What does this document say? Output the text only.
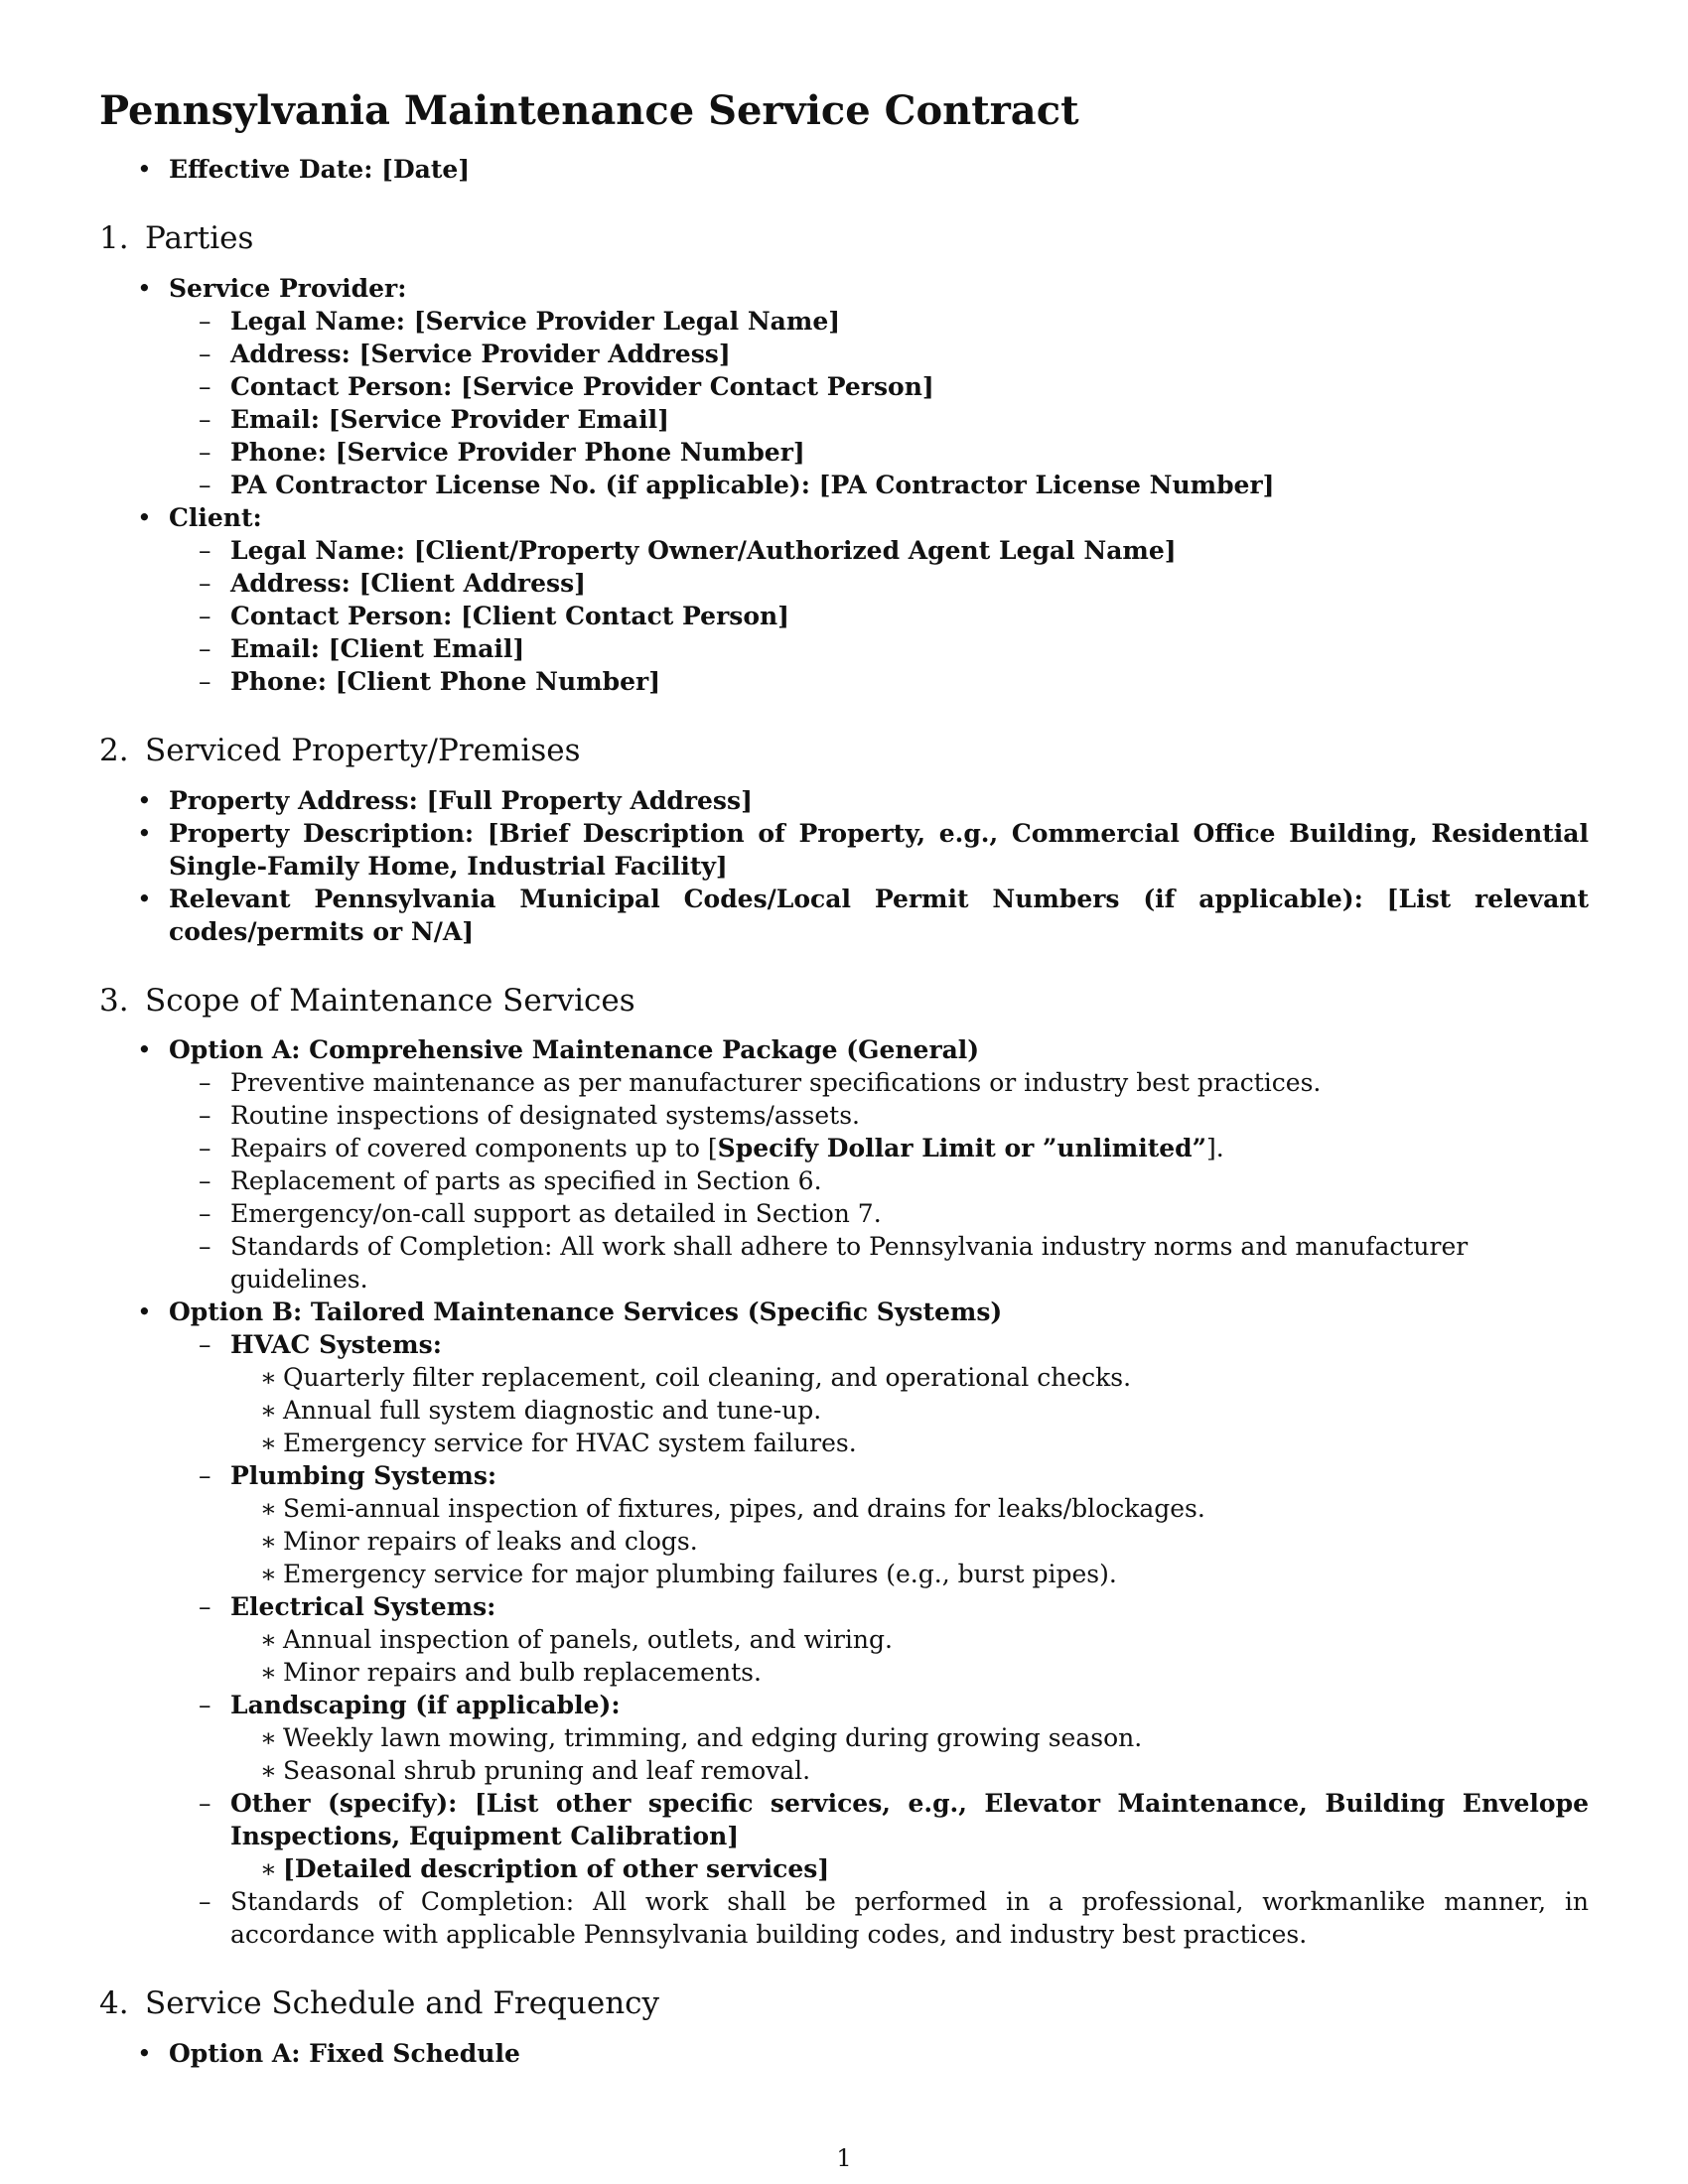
Pennsylvania Maintenance Service Contract
• Effective Date: [Date]
1. Parties
• Service Provider:
– Legal Name: [Service Provider Legal Name]
– Address: [Service Provider Address]
– Contact Person: [Service Provider Contact Person]
– Email: [Service Provider Email]
– Phone: [Service Provider Phone Number]
– PA Contractor License No. (if applicable): [PA Contractor License Number]
• Client:
– Legal Name: [Client/Property Owner/Authorized Agent Legal Name]
– Address: [Client Address]
– Contact Person: [Client Contact Person]
– Email: [Client Email]
– Phone: [Client Phone Number]
2. Serviced Property/Premises
• Property Address: [Full Property Address]
• Property Description: [Brief Description of Property, e.g., Commercial Office Building, Residential Single-Family Home, Industrial Facility]
• Relevant Pennsylvania Municipal Codes/Local Permit Numbers (if applicable): [List relevant codes/permits or N/A]
3. Scope of Maintenance Services
• Option A: Comprehensive Maintenance Package (General)
– Preventive maintenance as per manufacturer specifications or industry best practices.
– Routine inspections of designated systems/assets.
– Repairs of covered components up to [Specify Dollar Limit or ”unlimited”].
– Replacement of parts as specified in Section 6.
– Emergency/on-call support as detailed in Section 7.
– Standards of Completion: All work shall adhere to Pennsylvania industry norms and manufacturer guidelines.
• Option B: Tailored Maintenance Services (Specific Systems)
– HVAC Systems:
∗ Quarterly filter replacement, coil cleaning, and operational checks.
∗ Annual full system diagnostic and tune-up.
∗ Emergency service for HVAC system failures.
– Plumbing Systems:
∗ Semi-annual inspection of fixtures, pipes, and drains for leaks/blockages.
∗ Minor repairs of leaks and clogs.
∗ Emergency service for major plumbing failures (e.g., burst pipes).
– Electrical Systems:
∗ Annual inspection of panels, outlets, and wiring.
∗ Minor repairs and bulb replacements.
– Landscaping (if applicable):
∗ Weekly lawn mowing, trimming, and edging during growing season.
∗ Seasonal shrub pruning and leaf removal.
– Other (specify): [List other specific services, e.g., Elevator Maintenance, Building Envelope Inspections, Equipment Calibration]
∗ [Detailed description of other services]
– Standards of Completion: All work shall be performed in a professional, workmanlike manner, in accordance with applicable Pennsylvania building codes, and industry best practices.
4. Service Schedule and Frequency
• Option A: Fixed Schedule
1
